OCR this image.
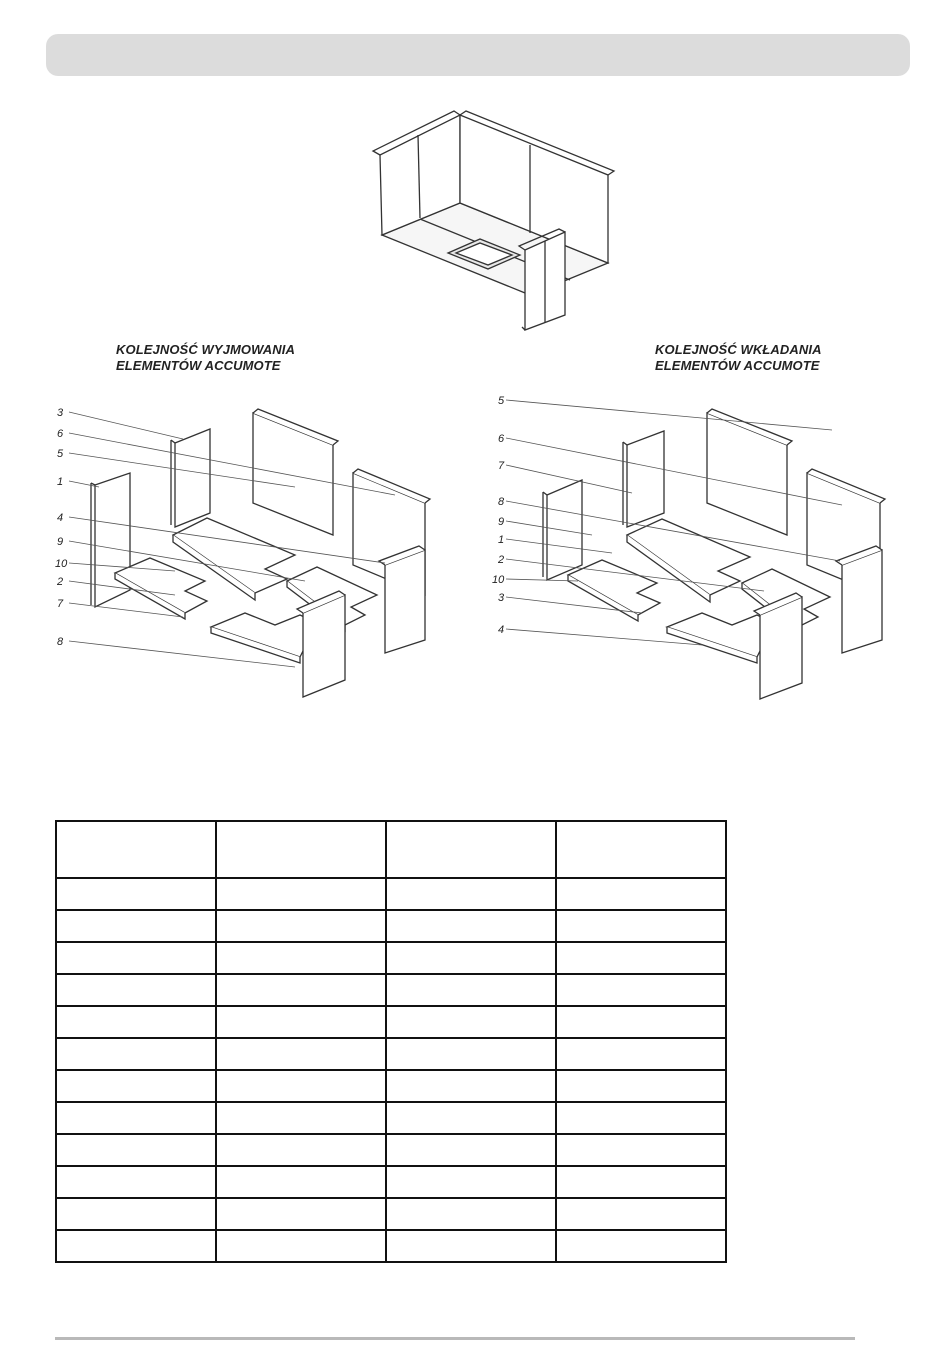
KOLEJNOŚĆ WYJMOWANIA
ELEMENTÓW ACCUMOTE
KOLEJNOŚĆ WKŁADANIA
ELEMENTÓW ACCUMOTE
3
6
5
1
4
9
10
2
7
8
5
6
7
8
9
1
2
10
3
4
